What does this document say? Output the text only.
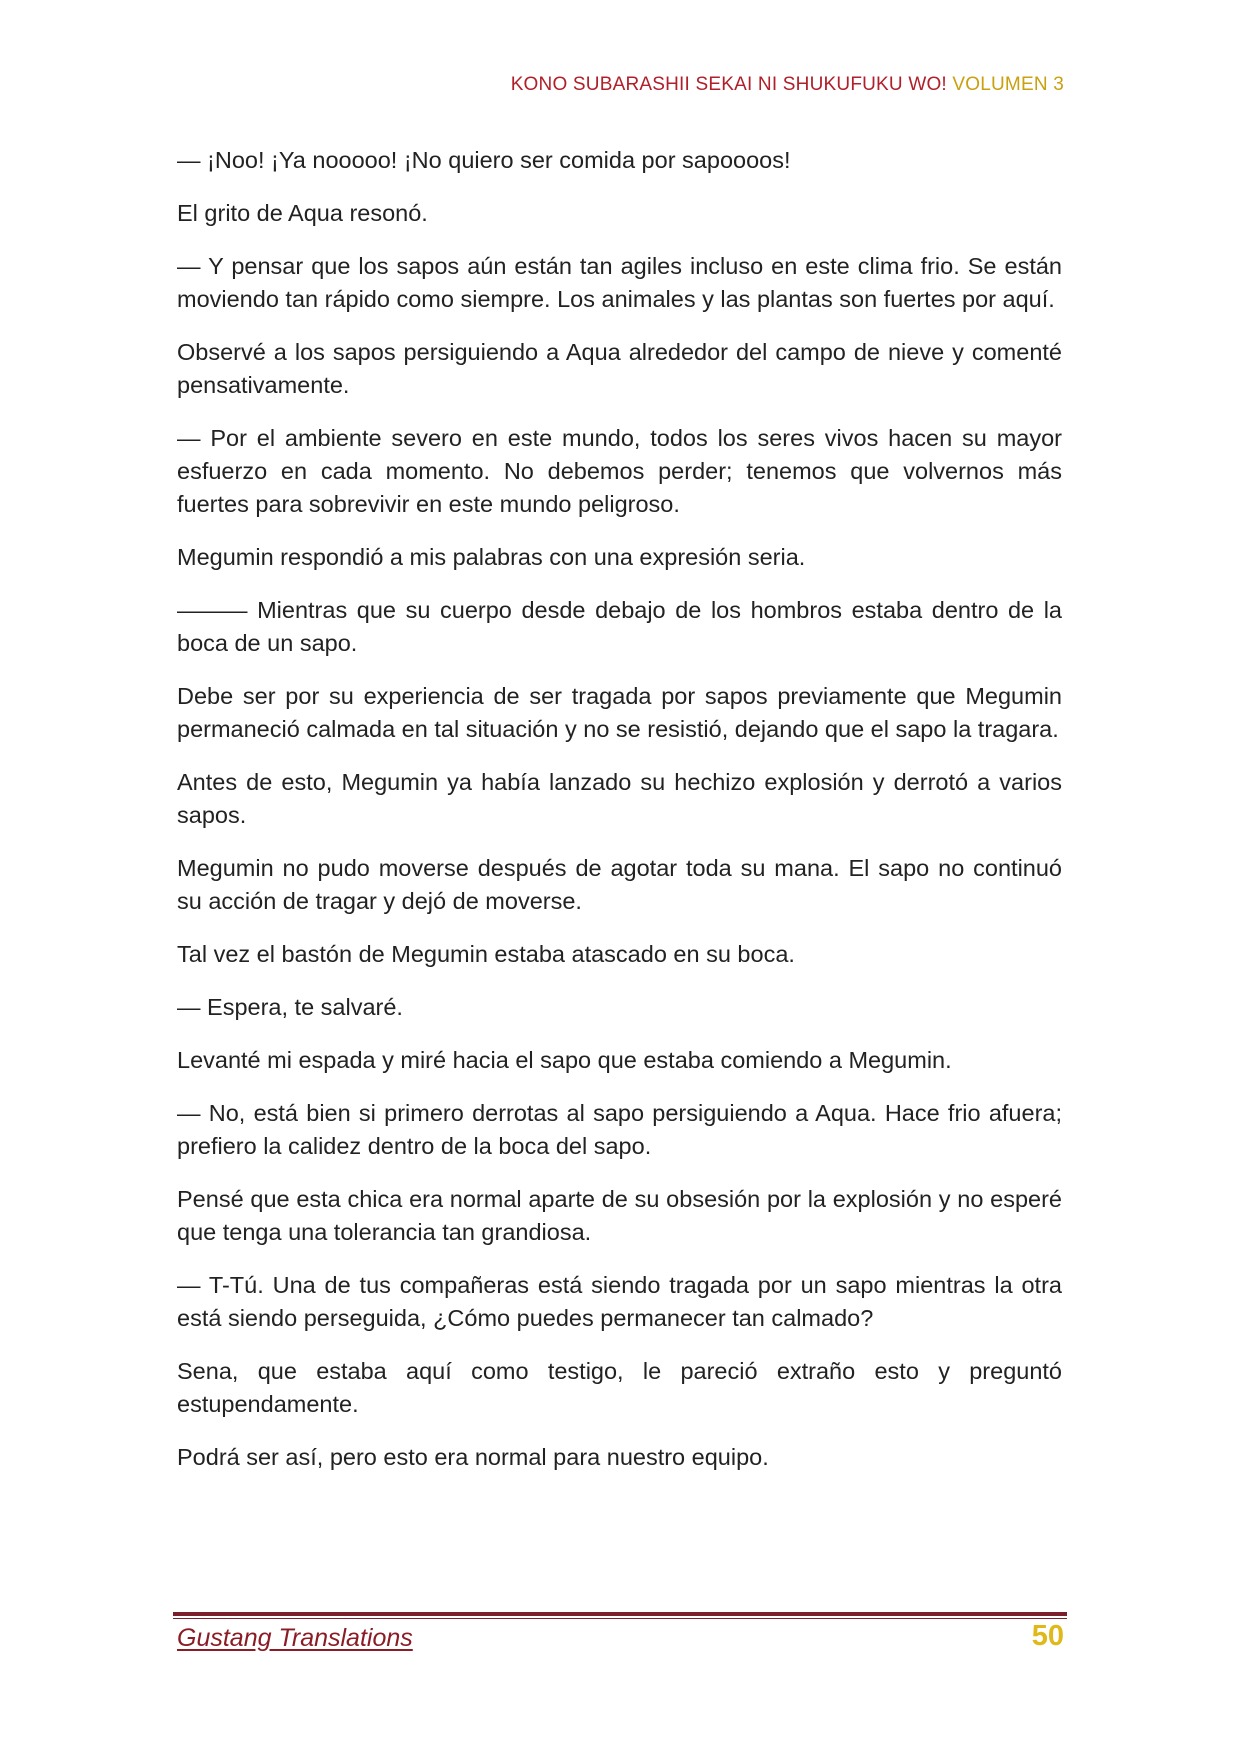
KONO SUBARASHII SEKAI NI SHUKUFUKU WO! VOLUMEN 3

— ¡Noo! ¡Ya nooooo! ¡No quiero ser comida por sapoooos!

El grito de Aqua resonó.

— Y pensar que los sapos aún están tan agiles incluso en este clima frio. Se están moviendo tan rápido como siempre. Los animales y las plantas son fuertes por aquí.

Observé a los sapos persiguiendo a Aqua alrededor del campo de nieve y comenté pensativamente.

— Por el ambiente severo en este mundo, todos los seres vivos hacen su mayor esfuerzo en cada momento. No debemos perder; tenemos que volvernos más fuertes para sobrevivir en este mundo peligroso.

Megumin respondió a mis palabras con una expresión seria.

——— Mientras que su cuerpo desde debajo de los hombros estaba dentro de la boca de un sapo.

Debe ser por su experiencia de ser tragada por sapos previamente que Megumin permaneció calmada en tal situación y no se resistió, dejando que el sapo la tragara.

Antes de esto, Megumin ya había lanzado su hechizo explosión y derrotó a varios sapos.

Megumin no pudo moverse después de agotar toda su mana. El sapo no continuó su acción de tragar y dejó de moverse.

Tal vez el bastón de Megumin estaba atascado en su boca.

— Espera, te salvaré.

Levanté mi espada y miré hacia el sapo que estaba comiendo a Megumin.

— No, está bien si primero derrotas al sapo persiguiendo a Aqua. Hace frio afuera; prefiero la calidez dentro de la boca del sapo.

Pensé que esta chica era normal aparte de su obsesión por la explosión y no esperé que tenga una tolerancia tan grandiosa.

— T-Tú. Una de tus compañeras está siendo tragada por un sapo mientras la otra está siendo perseguida, ¿Cómo puedes permanecer tan calmado?

Sena, que estaba aquí como testigo, le pareció extraño esto y preguntó estupendamente.

Podrá ser así, pero esto era normal para nuestro equipo.

Gustang Translations	50
